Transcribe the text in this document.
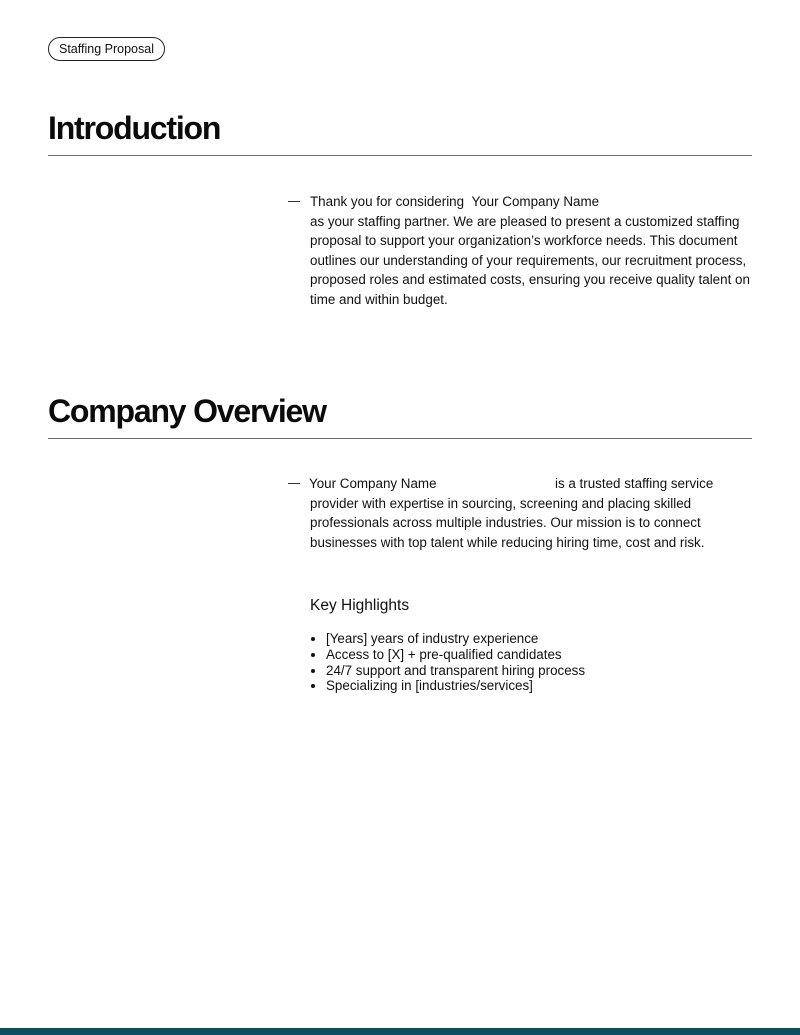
Staffing Proposal
Introduction

Thank you for considering Your Company Name
as your staffing partner. We are pleased to present a customized staffing proposal to support your organization’s workforce needs. This document outlines our understanding of your requirements, our recruitment process, proposed roles and estimated costs, ensuring you receive quality talent on time and within budget.

Company Overview

Your Company Name	is a trusted staffing service provider with expertise in sourcing, screening and placing skilled professionals across multiple industries. Our mission is to connect businesses with top talent while reducing hiring time, cost and risk.

Key Highlights
• [Years] years of industry experience
• Access to [X] + pre-qualified candidates
• 24/7 support and transparent hiring process
• Specializing in [industries/services]
